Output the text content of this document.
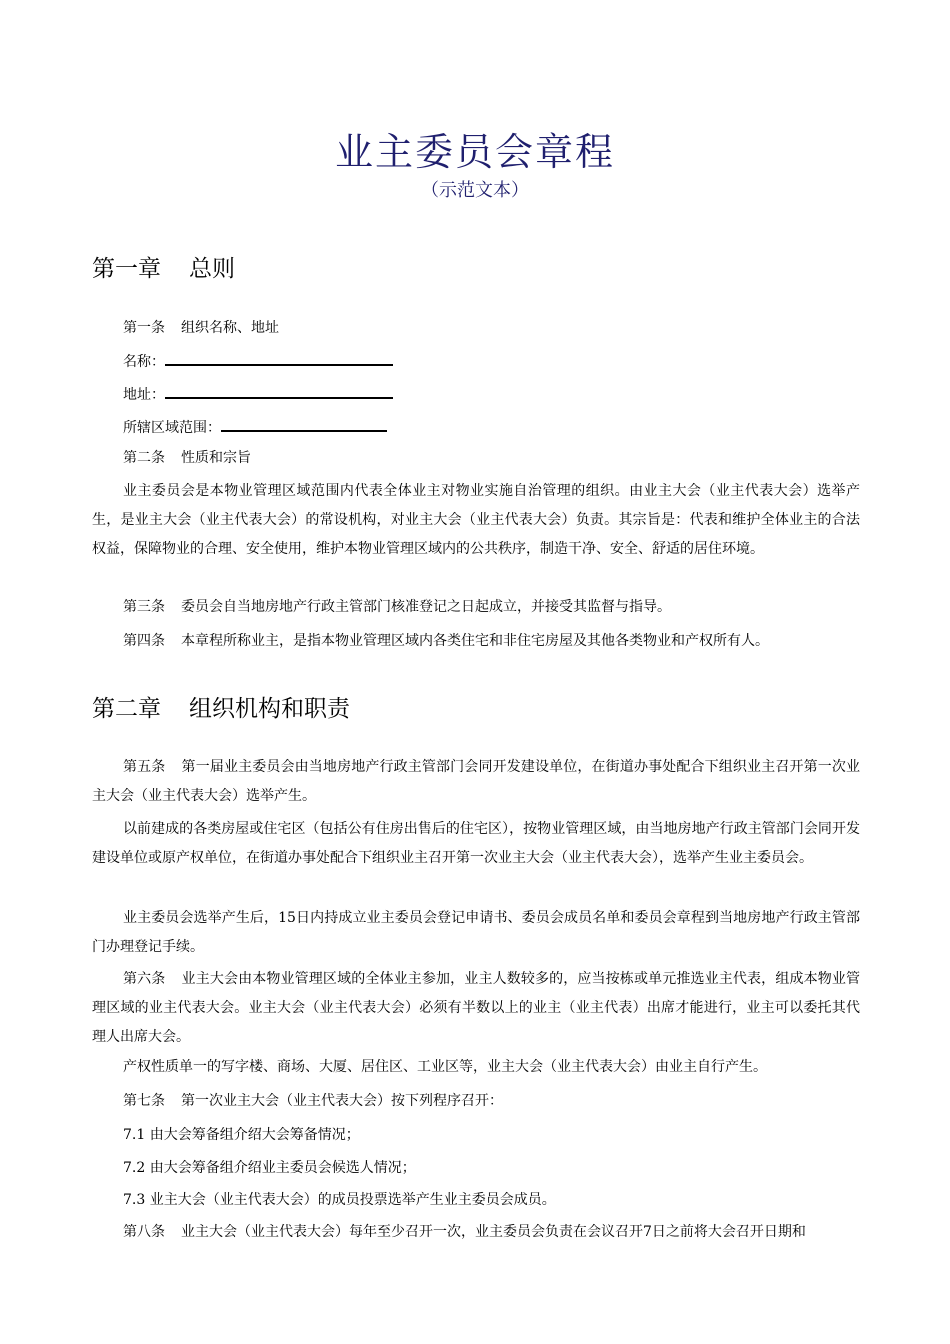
业主委员会章程
（示范文本）
第一章 总则
第一条 组织名称、地址
名称：
地址：
所辖区域范围：
第二条 性质和宗旨
业主委员会是本物业管理区域范围内代表全体业主对物业实施自治管理的组织。由业主大会（业主代表大会）选举产生，是业主大会（业主代表大会）的常设机构，对业主大会（业主代表大会）负责。其宗旨是：代表和维护全体业主的合法权益，保障物业的合理、安全使用，维护本物业管理区域内的公共秩序，制造干净、安全、舒适的居住环境。
第三条 委员会自当地房地产行政主管部门核准登记之日起成立，并接受其监督与指导。
第四条 本章程所称业主，是指本物业管理区域内各类住宅和非住宅房屋及其他各类物业和产权所有人。
第二章 组织机构和职责
第五条 第一届业主委员会由当地房地产行政主管部门会同开发建设单位，在街道办事处配合下组织业主召开第一次业主大会（业主代表大会）选举产生。
以前建成的各类房屋或住宅区（包括公有住房出售后的住宅区），按物业管理区域，由当地房地产行政主管部门会同开发建设单位或原产权单位，在街道办事处配合下组织业主召开第一次业主大会（业主代表大会），选举产生业主委员会。
业主委员会选举产生后，15日内持成立业主委员会登记申请书、委员会成员名单和委员会章程到当地房地产行政主管部门办理登记手续。
第六条 业主大会由本物业管理区域的全体业主参加，业主人数较多的，应当按栋或单元推选业主代表，组成本物业管理区域的业主代表大会。业主大会（业主代表大会）必须有半数以上的业主（业主代表）出席才能进行，业主可以委托其代理人出席大会。
产权性质单一的写字楼、商场、大厦、居住区、工业区等，业主大会（业主代表大会）由业主自行产生。
第七条 第一次业主大会（业主代表大会）按下列程序召开：
7.1 由大会筹备组介绍大会筹备情况；
7.2 由大会筹备组介绍业主委员会候选人情况；
7.3 业主大会（业主代表大会）的成员投票选举产生业主委员会成员。
第八条 业主大会（业主代表大会）每年至少召开一次，业主委员会负责在会议召开7日之前将大会召开日期和
